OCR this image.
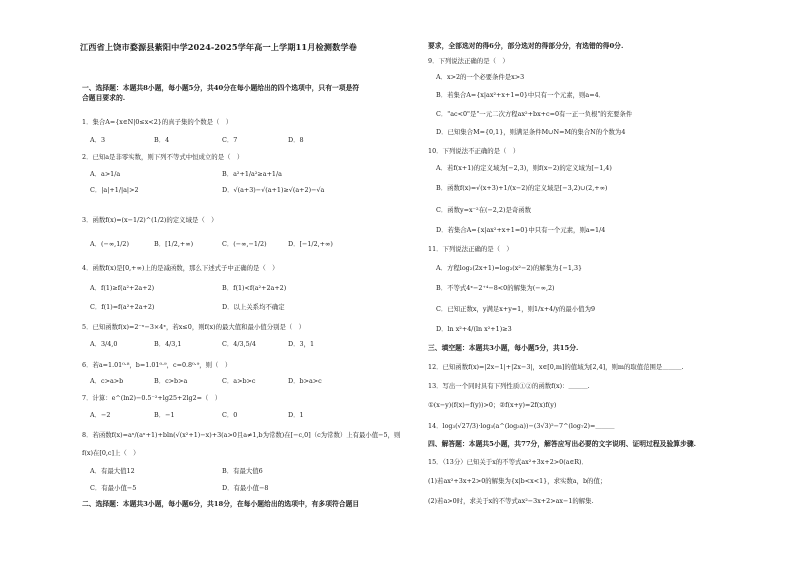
江西省上饶市婺源县紫阳中学2024-2025学年高一上学期11月检测数学卷
一、选择题：本题共8小题，每小题5分，共40分在每小题给出的四个选项中，只有一项是符
合题目要求的.
1．集合A={x∈N|0≤x<2}的真子集的个数是（　）
A．3	B．4	C．7	D．8
2．已知a是非零实数，则下列不等式中恒成立的是（　）
A．a>1/a	B．a²+1/a²≥a+1/a
C．|a|+1/|a|>2	D．√(a+3)−√(a+1)≥√(a+2)−√a
3．函数f(x)=(x−1/2)^(1/2)的定义域是（　）
A．(−∞,1/2)	B．[1/2,+∞)	C．(−∞,−1/2)	D．[−1/2,+∞)
4．函数f(x)是[0,+∞)上的是减函数，那么下述式子中正确的是（　）
A．f(1)≥f(a²+2a+2)	B．f(1)<f(a²+2a+2)
C．f(1)=f(a²+2a+2)	D．以上关系均不确定
5．已知函数f(x)=2⁻ˣ−3×4ˣ，若x≤0，则f(x)的最大值和最小值分别是（　）
A．3/4,0	B．4/3,1	C．4/3,5/4	D．3，1
6．若a=1.01⁰·⁸，b=1.01⁰·⁹，c=0.8⁰·⁹，则（　）
A．c>a>b	B．c>b>a	C．a>b>c	D．b>a>c
7．计算：e^(ln2)−0.5⁻²+lg25+2lg2=（　）
A．−2	B．−1	C．0	D．1
8．若函数f(x)=aˣ/(aˣ+1)+bln(√(x²+1)−x)+3(a>0且a≠1,b为常数)在[−c,0]（c为常数）上有最小值−5，则
f(x)在[0,c]上（　）
A．有最大值12	B．有最大值6
C．有最小值−5	D．有最小值−8
二、选择题：本题共3小题，每小题6分，共18分，在每小题给出的选项中，有多项符合题目
要求，全部选对的得6分，部分选对的得部分分，有选错的得0分.
9．下列说法正确的是（　）
A．x>2的一个必要条件是x>3
B．若集合A={x|ax²+x+1=0}中只有一个元素，则a=4．
C．"ac<0"是"一元二次方程ax²+bx+c=0有一正一负根"的充要条件
D．已知集合M={0,1}，则满足条件M∪N=M的集合N的个数为4
10．下列说法不正确的是（　）
A．若f(x+1)的定义域为[−2,3)，则f(x−2)的定义域为[−1,4)
B．函数f(x)=√(x+3)+1/(x−2)的定义域是[−3,2)∪(2,+∞)
C．函数y=x⁻²在(−2,2)是奇函数
D．若集合A={x|ax²+x+1=0}中只有一个元素，则a=1/4
11．下列说法正确的是（　）
A．方程log₂(2x+1)=log₂(x²−2)的解集为{−1,3}
B．不等式4ˣ−2⁺⁴−8<0的解集为(−∞,2)
C．已知正数x，y满足x+y=1，则1/x+4/y的最小值为9
D．ln x²+4/(ln x²+1)≥3
三、填空题：本题共3小题，每小题5分，共15分.
12．已知函数f(x)=|2x−1|+|2x−3|，x∈[0,m]的值域为[2,4]，则m的取值范围是＿＿＿.
13．写出一个同时具有下列性质①②的函数f(x)：＿＿＿.
①(x−y)(f(x)−f(y))>0；②f(x+y)=2f(x)f(y)
14．log₃(√27/3)·log₃(a^(log₃a))−(3√3)²−7^(log₇2)=＿＿＿
四、解答题：本题共5小题，共77分，解答应写出必要的文字说明、证明过程及验算步骤.
15．（13分）已知关于x的不等式ax²+3x+2>0(a∈R)．
(1)若ax²+3x+2>0的解集为{x|b<x<1}，求实数a，b的值；
(2)若a>0时，求关于x的不等式ax²−3x+2>ax−1的解集.
